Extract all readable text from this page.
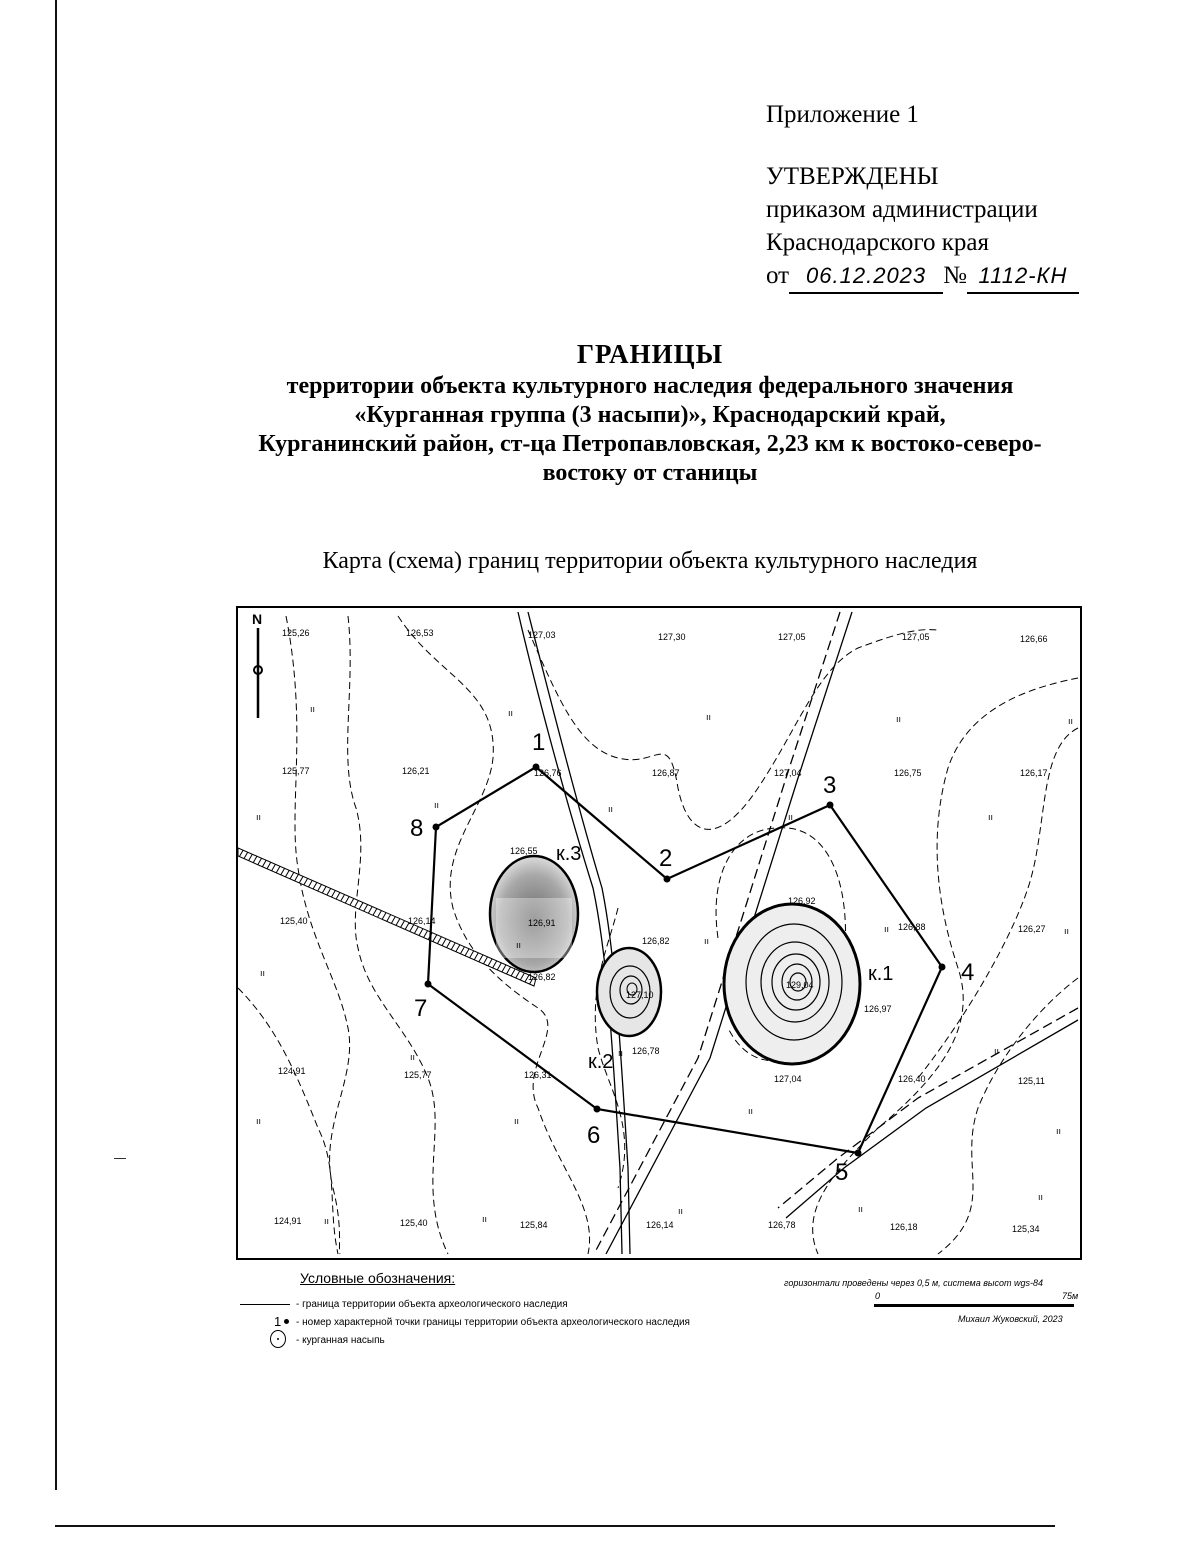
Приложение 1
УТВЕРЖДЕНЫ
приказом администрации
Краснодарского края
от 06.12.2023 № 1112-КН
ГРАНИЦЫ
территории объекта культурного наследия федерального значения
«Курганная группа (3 насыпи)», Краснодарский край,
Курганинский район, ст-ца Петропавловская, 2,23 км к востоко-северо-
востоку от станицы
Карта (схема) границ территории объекта культурного наследия
N
1
2
3
4
5
6
7
8
к.1
к.2
к.3
125,26	126,53	127,03	127,30	127,05	127,05	126,66
125,77	126,21	126,76	126,87	127,04	126,75	126,17
126,55
126,91
126,92
126,88
125,40	126,14
126,27
126,82
126,82
127,10
129,04
126,97
126,78
124,91	125,77	126,31	127,04	126,40	125,11
124,91	125,40	125,84	126,14	126,78	126,18	125,34
ıı	ıı	ıı	ıı	ıı
ıı
ıı	ıı
ıı	ıı
ıı	ıı
ıı
ıı
ıı
ıı	ıı	ıı
ıı	ıı
ıı
ıı
ıı	ıı
ıı	ıı
ıı
Условные обозначения:
- граница территории объекта археологического наследия
1 - номер характерной точки границы территории объекта археологического наследия
- курганная насыпь
горизонтали проведены через 0,5 м, система высот wgs-84
0	75м
Михаил Жуковский, 2023
